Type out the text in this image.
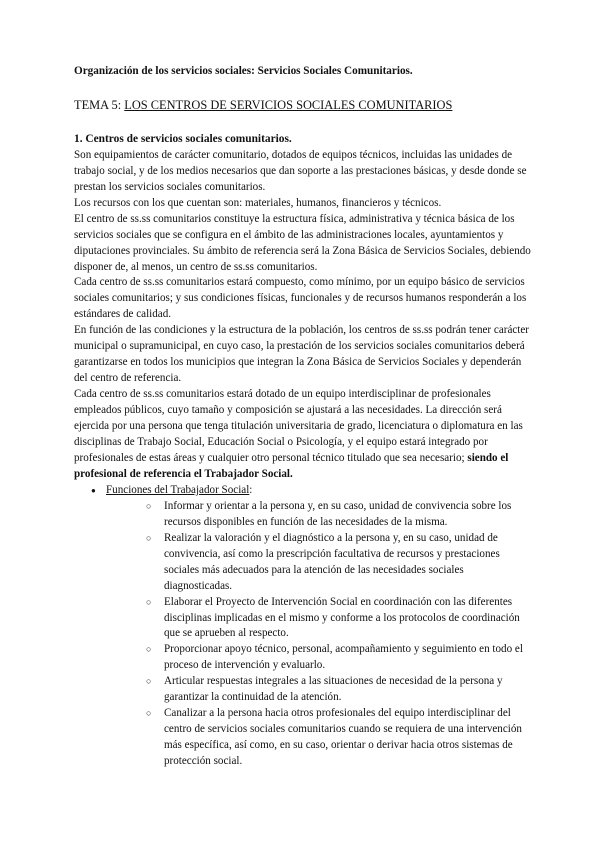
Organización de los servicios sociales: Servicios Sociales Comunitarios.

TEMA 5: LOS CENTROS DE SERVICIOS SOCIALES COMUNITARIOS

1. Centros de servicios sociales comunitarios.

Son equipamientos de carácter comunitario, dotados de equipos técnicos, incluidas las unidades de trabajo social, y de los medios necesarios que dan soporte a las prestaciones básicas, y desde donde se prestan los servicios sociales comunitarios.

Los recursos con los que cuentan son: materiales, humanos, financieros y técnicos.

El centro de ss.ss comunitarios constituye la estructura física, administrativa y técnica básica de los servicios sociales que se configura en el ámbito de las administraciones locales, ayuntamientos y diputaciones provinciales. Su ámbito de referencia será la Zona Básica de Servicios Sociales, debiendo disponer de, al menos, un centro de ss.ss comunitarios.

Cada centro de ss.ss comunitarios estará compuesto, como mínimo, por un equipo básico de servicios sociales comunitarios; y sus condiciones físicas, funcionales y de recursos humanos responderán a los estándares de calidad.

En función de las condiciones y la estructura de la población, los centros de ss.ss podrán tener carácter municipal o supramunicipal, en cuyo caso, la prestación de los servicios sociales comunitarios deberá garantizarse en todos los municipios que integran la Zona Básica de Servicios Sociales y dependerán del centro de referencia.

Cada centro de ss.ss comunitarios estará dotado de un equipo interdisciplinar de profesionales empleados públicos, cuyo tamaño y composición se ajustará a las necesidades. La dirección será ejercida por una persona que tenga titulación universitaria de grado, licenciatura o diplomatura en las disciplinas de Trabajo Social, Educación Social o Psicología, y el equipo estará integrado por profesionales de estas áreas y cualquier otro personal técnico titulado que sea necesario; siendo el profesional de referencia el Trabajador Social.

● Funciones del Trabajador Social:
○ Informar y orientar a la persona y, en su caso, unidad de convivencia sobre los recursos disponibles en función de las necesidades de la misma.
○ Realizar la valoración y el diagnóstico a la persona y, en su caso, unidad de convivencia, así como la prescripción facultativa de recursos y prestaciones sociales más adecuados para la atención de las necesidades sociales diagnosticadas.
○ Elaborar el Proyecto de Intervención Social en coordinación con las diferentes disciplinas implicadas en el mismo y conforme a los protocolos de coordinación que se aprueben al respecto.
○ Proporcionar apoyo técnico, personal, acompañamiento y seguimiento en todo el proceso de intervención y evaluarlo.
○ Articular respuestas integrales a las situaciones de necesidad de la persona y garantizar la continuidad de la atención.
○ Canalizar a la persona hacia otros profesionales del equipo interdisciplinar del centro de servicios sociales comunitarios cuando se requiera de una intervención más específica, así como, en su caso, orientar o derivar hacia otros sistemas de protección social.
